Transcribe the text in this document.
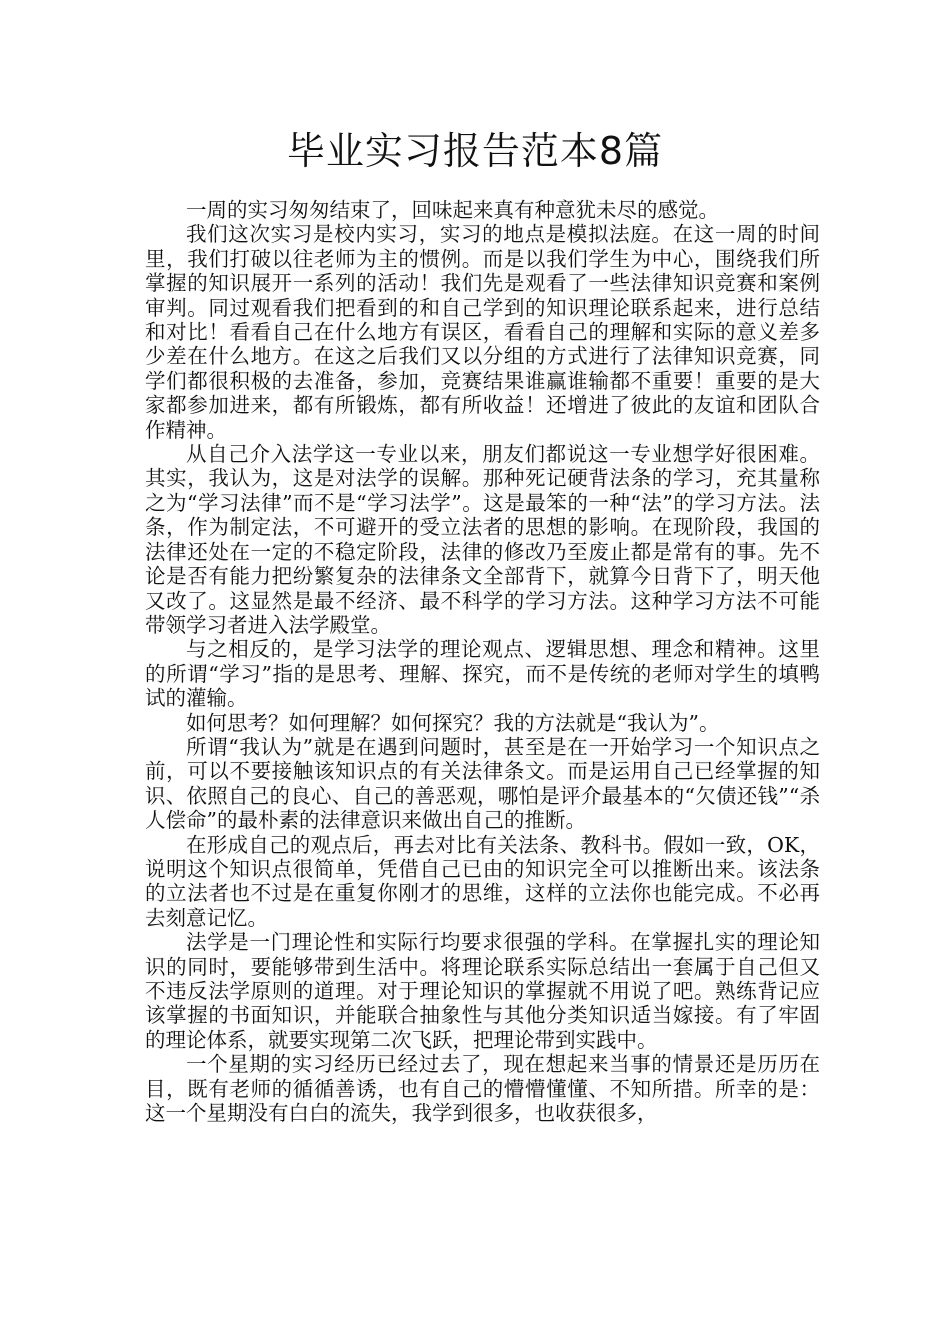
毕业实习报告范本8篇

一周的实习匆匆结束了，回味起来真有种意犹未尽的感觉。

我们这次实习是校内实习，实习的地点是模拟法庭。在这一周的时间里，我们打破以往老师为主的惯例。而是以我们学生为中心，围绕我们所掌握的知识展开一系列的活动！我们先是观看了一些法律知识竞赛和案例审判。同过观看我们把看到的和自己学到的知识理论联系起来，进行总结和对比！看看自己在什么地方有误区，看看自己的理解和实际的意义差多少差在什么地方。在这之后我们又以分组的方式进行了法律知识竞赛，同学们都很积极的去准备，参加，竞赛结果谁赢谁输都不重要！重要的是大家都参加进来，都有所锻炼，都有所收益！还增进了彼此的友谊和团队合作精神。

从自己介入法学这一专业以来，朋友们都说这一专业想学好很困难。其实，我认为，这是对法学的误解。那种死记硬背法条的学习，充其量称之为“学习法律”而不是“学习法学”。这是最笨的一种“法”的学习方法。法条，作为制定法，不可避开的受立法者的思想的影响。在现阶段，我国的法律还处在一定的不稳定阶段，法律的修改乃至废止都是常有的事。先不论是否有能力把纷繁复杂的法律条文全部背下，就算今日背下了，明天他又改了。这显然是最不经济、最不科学的学习方法。这种学习方法不可能带领学习者进入法学殿堂。

与之相反的，是学习法学的理论观点、逻辑思想、理念和精神。这里的所谓“学习”指的是思考、理解、探究，而不是传统的老师对学生的填鸭试的灌输。

如何思考？如何理解？如何探究？我的方法就是“我认为”。

所谓“我认为”就是在遇到问题时，甚至是在一开始学习一个知识点之前，可以不要接触该知识点的有关法律条文。而是运用自己已经掌握的知识、依照自己的良心、自己的善恶观，哪怕是评介最基本的“欠债还钱”“杀人偿命”的最朴素的法律意识来做出自己的推断。

在形成自己的观点后，再去对比有关法条、教科书。假如一致，OK，说明这个知识点很简单，凭借自己已由的知识完全可以推断出来。该法条的立法者也不过是在重复你刚才的思维，这样的立法你也能完成。不必再去刻意记忆。

法学是一门理论性和实际行均要求很强的学科。在掌握扎实的理论知识的同时，要能够带到生活中。将理论联系实际总结出一套属于自己但又不违反法学原则的道理。对于理论知识的掌握就不用说了吧。熟练背记应该掌握的书面知识，并能联合抽象性与其他分类知识适当嫁接。有了牢固的理论体系，就要实现第二次飞跃，把理论带到实践中。

一个星期的实习经历已经过去了，现在想起来当事的情景还是历历在目，既有老师的循循善诱，也有自己的懵懵懂懂、不知所措。所幸的是：这一个星期没有白白的流失，我学到很多，也收获很多，
